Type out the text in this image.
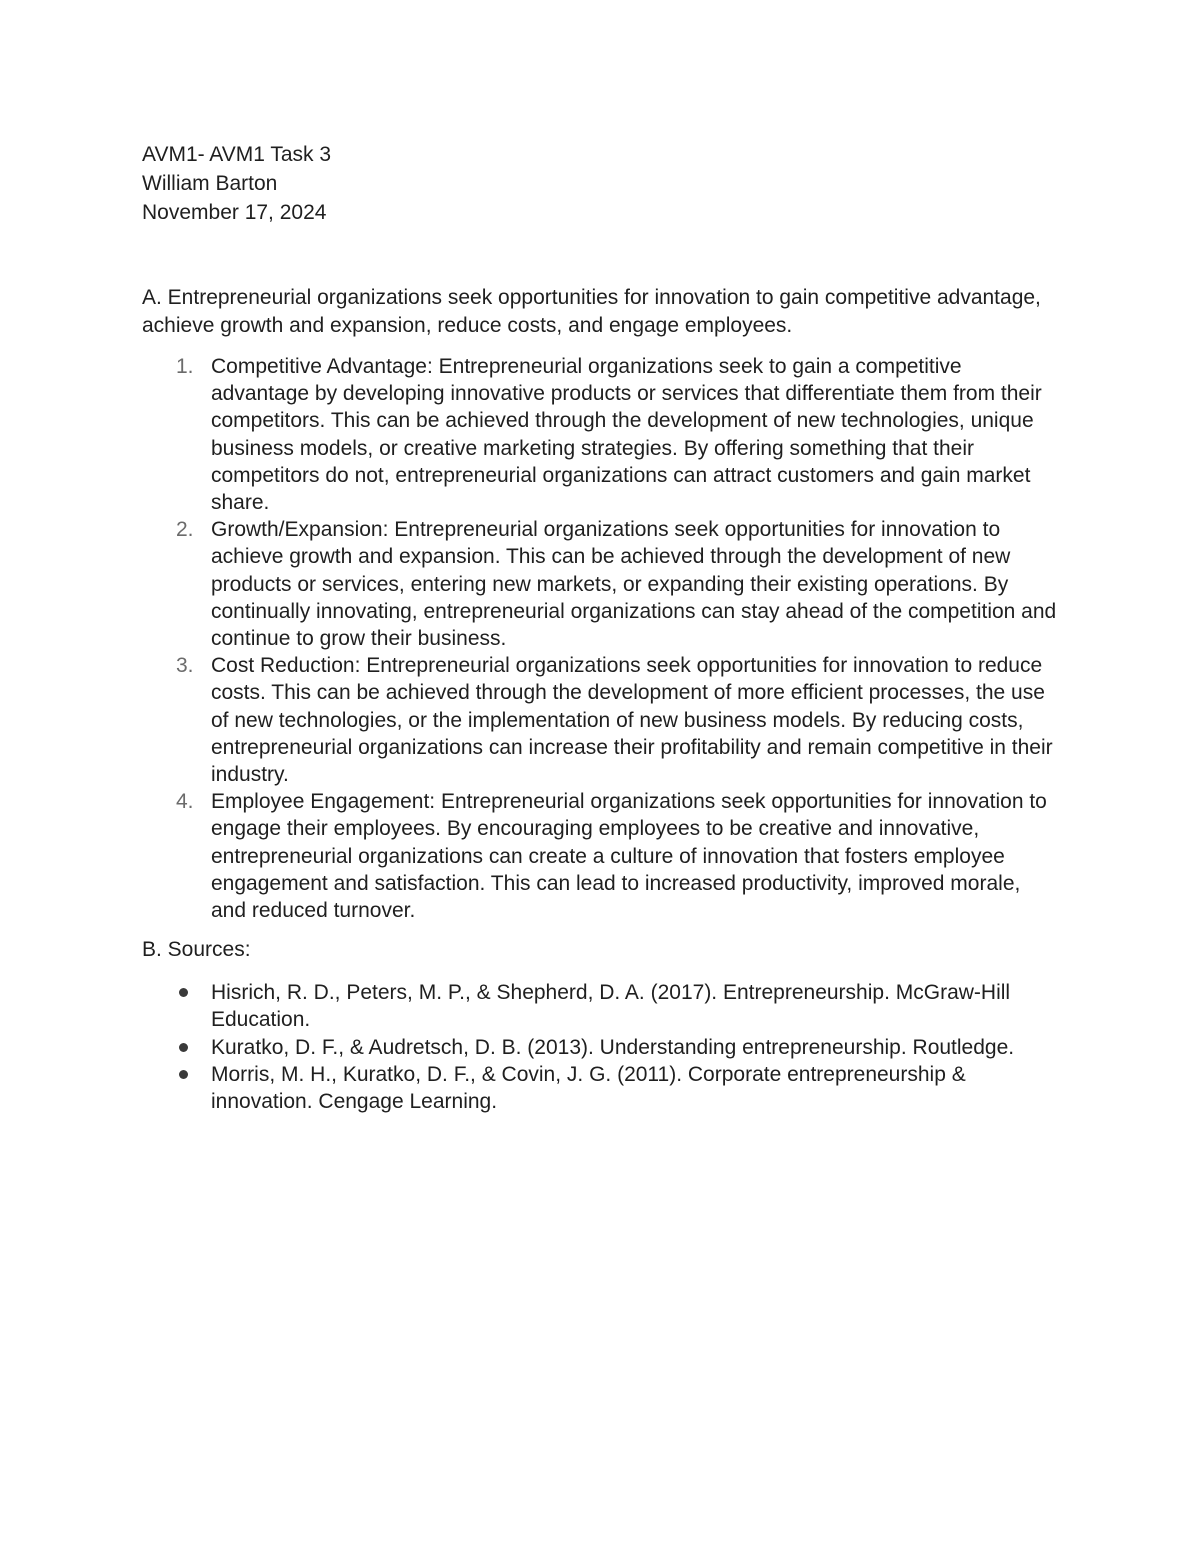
AVM1- AVM1 Task 3

William Barton

November 17, 2024

A. Entrepreneurial organizations seek opportunities for innovation to gain competitive advantage, achieve growth and expansion, reduce costs, and engage employees.

1. Competitive Advantage: Entrepreneurial organizations seek to gain a competitive advantage by developing innovative products or services that differentiate them from their competitors. This can be achieved through the development of new technologies, unique business models, or creative marketing strategies. By offering something that their competitors do not, entrepreneurial organizations can attract customers and gain market share.
2. Growth/Expansion: Entrepreneurial organizations seek opportunities for innovation to achieve growth and expansion. This can be achieved through the development of new products or services, entering new markets, or expanding their existing operations. By continually innovating, entrepreneurial organizations can stay ahead of the competition and continue to grow their business.
3. Cost Reduction: Entrepreneurial organizations seek opportunities for innovation to reduce costs. This can be achieved through the development of more efficient processes, the use of new technologies, or the implementation of new business models. By reducing costs, entrepreneurial organizations can increase their profitability and remain competitive in their industry.
4. Employee Engagement: Entrepreneurial organizations seek opportunities for innovation to engage their employees. By encouraging employees to be creative and innovative, entrepreneurial organizations can create a culture of innovation that fosters employee engagement and satisfaction. This can lead to increased productivity, improved morale, and reduced turnover.

B. Sources:

Hisrich, R. D., Peters, M. P., & Shepherd, D. A. (2017). Entrepreneurship. McGraw-Hill Education.
Kuratko, D. F., & Audretsch, D. B. (2013). Understanding entrepreneurship. Routledge.
Morris, M. H., Kuratko, D. F., & Covin, J. G. (2011). Corporate entrepreneurship & innovation. Cengage Learning.
